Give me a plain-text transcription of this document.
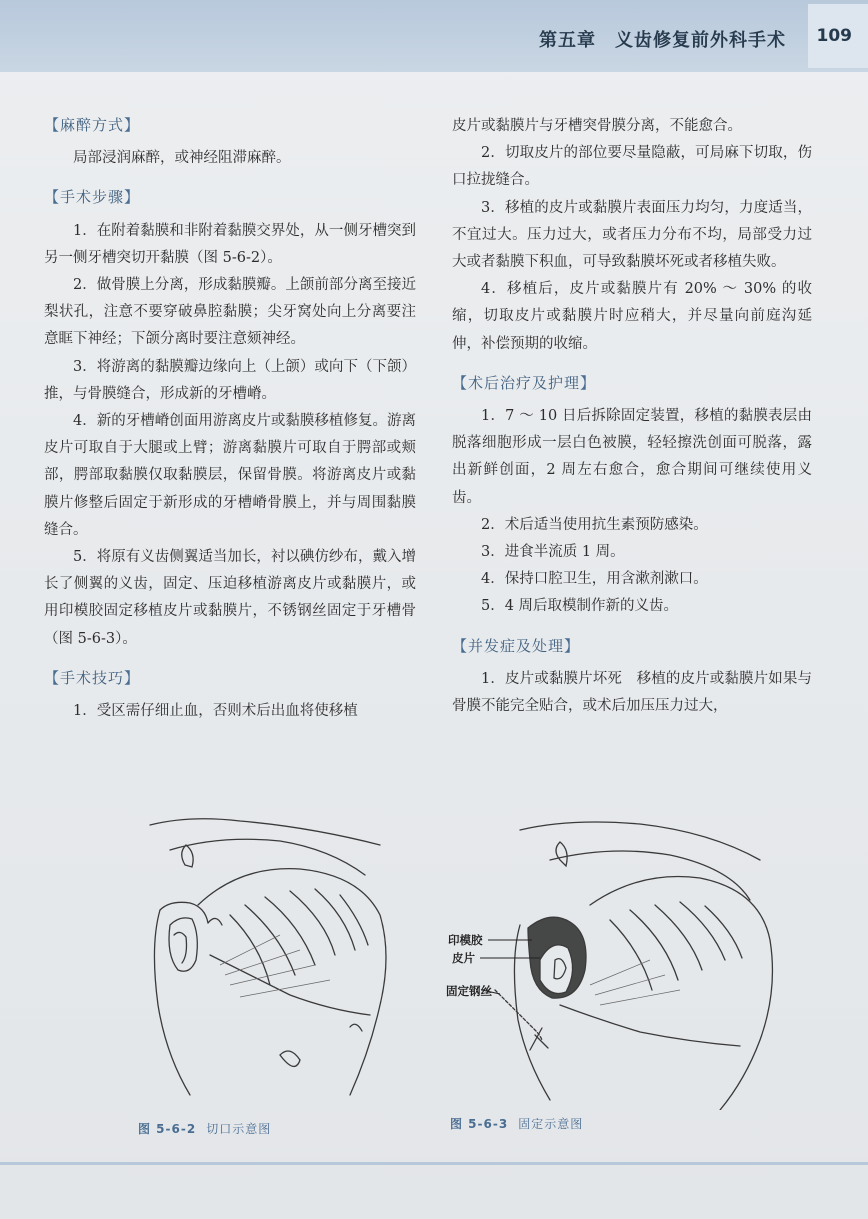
第五章　义齿修复前外科手术 109
【麻醉方式】

局部浸润麻醉，或神经阻滞麻醉。

【手术步骤】

1．在附着黏膜和非附着黏膜交界处，从一侧牙槽突到另一侧牙槽突切开黏膜（图 5-6-2）。

2．做骨膜上分离，形成黏膜瓣。上颌前部分离至接近梨状孔，注意不要穿破鼻腔黏膜；尖牙窝处向上分离要注意眶下神经；下颌分离时要注意颏神经。

3．将游离的黏膜瓣边缘向上（上颌）或向下（下颌）推，与骨膜缝合，形成新的牙槽嵴。

4．新的牙槽嵴创面用游离皮片或黏膜移植修复。游离皮片可取自于大腿或上臂；游离黏膜片可取自于腭部或颊部，腭部取黏膜仅取黏膜层，保留骨膜。将游离皮片或黏膜片修整后固定于新形成的牙槽嵴骨膜上，并与周围黏膜缝合。

5．将原有义齿侧翼适当加长，衬以碘仿纱布，戴入增长了侧翼的义齿，固定、压迫移植游离皮片或黏膜片，或用印模胶固定移植皮片或黏膜片，不锈钢丝固定于牙槽骨（图 5-6-3）。

【手术技巧】

1．受区需仔细止血，否则术后出血将使移植

皮片或黏膜片与牙槽突骨膜分离，不能愈合。

2．切取皮片的部位要尽量隐蔽，可局麻下切取，伤口拉拢缝合。

3．移植的皮片或黏膜片表面压力均匀，力度适当，不宜过大。压力过大，或者压力分布不均，局部受力过大或者黏膜下积血，可导致黏膜坏死或者移植失败。

4．移植后，皮片或黏膜片有 20% ～ 30% 的收缩，切取皮片或黏膜片时应稍大，并尽量向前庭沟延伸，补偿预期的收缩。

【术后治疗及护理】

1．7 ～ 10 日后拆除固定装置，移植的黏膜表层由脱落细胞形成一层白色被膜，轻轻擦洗创面可脱落，露出新鲜创面，2 周左右愈合，愈合期间可继续使用义齿。

2．术后适当使用抗生素预防感染。

3．进食半流质 1 周。

4．保持口腔卫生，用含漱剂漱口。

5．4 周后取模制作新的义齿。

【并发症及处理】

1．皮片或黏膜片坏死　移植的皮片或黏膜片如果与骨膜不能完全贴合，或术后加压压力过大，

印模胶
皮片
固定钢丝
图 5-6-2 切口示意图	图 5-6-3 固定示意图
